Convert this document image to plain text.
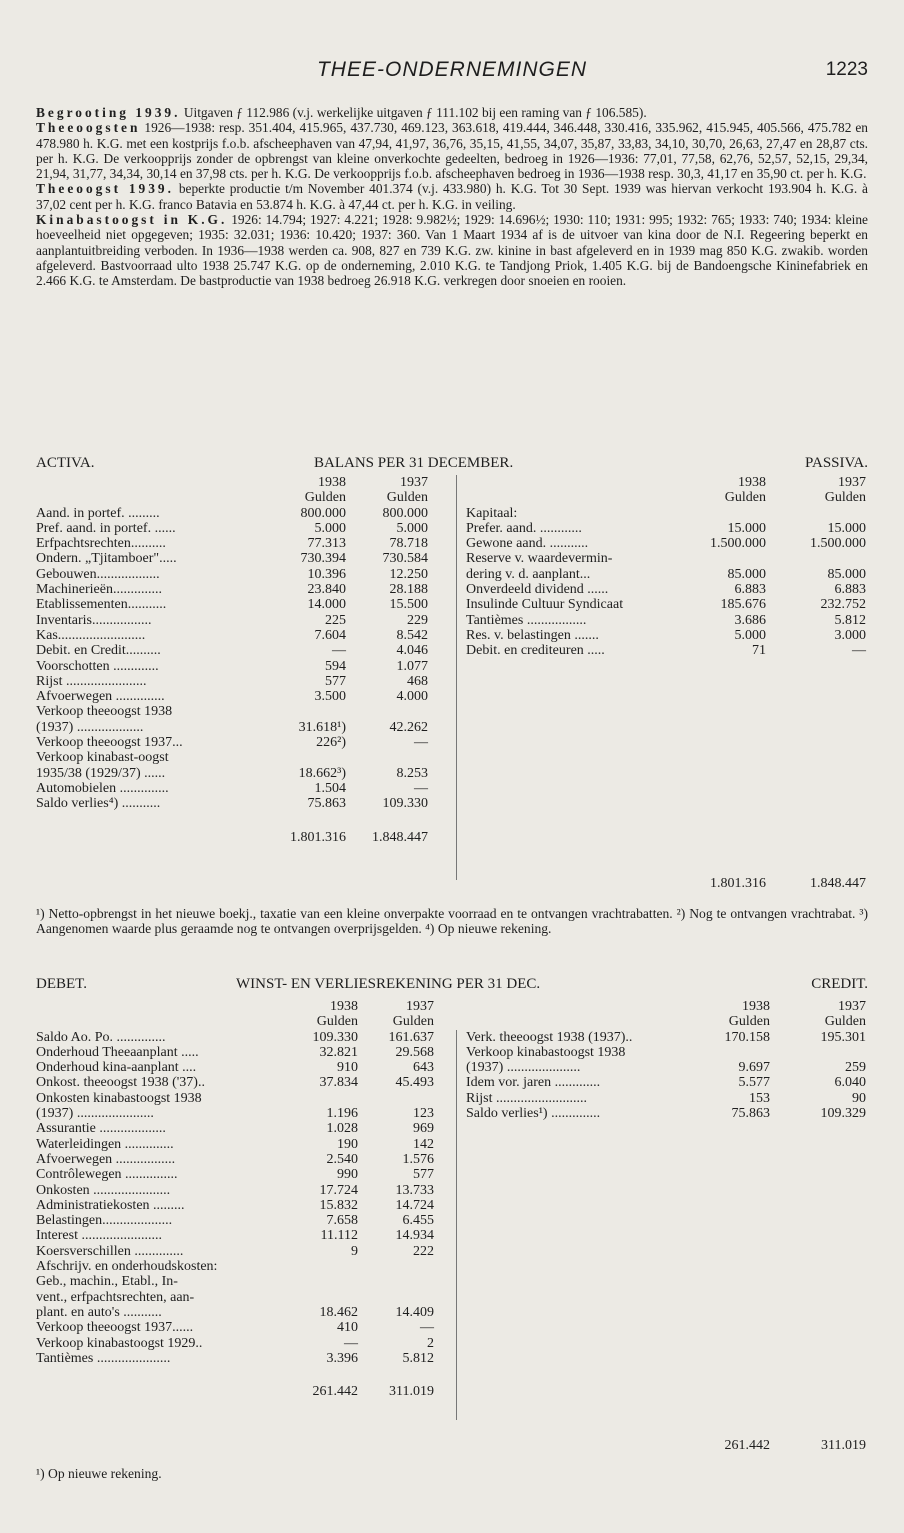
THEE-ONDERNEMINGEN	1223

Begrooting 1939. Uitgaven ƒ 112.986 (v.j. werkelijke uitgaven ƒ 111.102 bij een raming van ƒ 106.585).

Theeoogsten 1926—1938: resp. 351.404, 415.965, 437.730, 469.123, 363.618, 419.444, 346.448, 330.416, 335.962, 415.945, 405.566, 475.782 en 478.980 h. K.G. met een kostprijs f.o.b. afscheephaven van 47,94, 41,97, 36,76, 35,15, 41,55, 34,07, 35,87, 33,83, 34,10, 30,70, 26,63, 27,47 en 28,87 cts. per h. K.G. De verkoopprijs zonder de opbrengst van kleine onverkochte gedeelten, bedroeg in 1926—1936: 77,01, 77,58, 62,76, 52,57, 52,15, 29,34, 21,94, 31,77, 34,34, 30,14 en 37,98 cts. per h. K.G. De verkoopprijs f.o.b. afscheephaven bedroeg in 1936—1938 resp. 30,3, 41,17 en 35,90 ct. per h. K.G.

Theeoogst 1939. beperkte productie t/m November 401.374 (v.j. 433.980) h. K.G. Tot 30 Sept. 1939 was hiervan verkocht 193.904 h. K.G. à 37,02 cent per h. K.G. franco Batavia en 53.874 h. K.G. à 47,44 ct. per h. K.G. in veiling.

Kinabastoogst in K.G. 1926: 14.794; 1927: 4.221; 1928: 9.982½; 1929: 14.696½; 1930: 110; 1931: 995; 1932: 765; 1933: 740; 1934: kleine hoeveelheid niet opgegeven; 1935: 32.031; 1936: 10.420; 1937: 360. Van 1 Maart 1934 af is de uitvoer van kina door de N.I. Regeering beperkt en aanplantuitbreiding verboden. In 1936—1938 werden ca. 908, 827 en 739 K.G. zw. kinine in bast afgeleverd en in 1939 mag 850 K.G. zwakib. worden afgeleverd. Bastvoorraad ulto 1938 25.747 K.G. op de onderneming, 2.010 K.G. te Tandjong Priok, 1.405 K.G. bij de Bandoengsche Kininefabriek en 2.466 K.G. te Amsterdam. De bastproductie van 1938 bedroeg 26.918 K.G. verkregen door snoeien en rooien.

ACTIVA.	BALANS PER 31 DECEMBER.	PASSIVA.
1938	1937
Gulden	Gulden
Aand. in portef. .........	800.000	800.000
Pref. aand. in portef. ......	5.000	5.000
Erfpachtsrechten..........	77.313	78.718
Ondern. „Tjitamboer".....	730.394	730.584
Gebouwen..................	10.396	12.250
Machinerieën..............	23.840	28.188
Etablissementen...........	14.000	15.500
Inventaris.................	225	229
Kas.........................	7.604	8.542
Debit. en Credit..........	—	4.046
Voorschotten .............	594	1.077
Rijst .......................	577	468
Afvoerwegen ..............	3.500	4.000
Verkoop theeoogst 1938
(1937) ...................	31.618¹)	42.262
Verkoop theeoogst 1937...	226²)	—
Verkoop kinabast-oogst
1935/38 (1929/37) ......	18.662³)	8.253
Automobielen ..............	1.504	—
Saldo verlies⁴) ...........	75.863	109.330
1.801.316	1.848.447
1938	1937
Gulden	Gulden
Kapitaal:
Prefer. aand. ............	15.000	15.000
Gewone aand. ...........	1.500.000	1.500.000
Reserve v. waardevermin-
dering v. d. aanplant...	85.000	85.000
Onverdeeld dividend ......	6.883	6.883
Insulinde Cultuur Syndicaat	185.676	232.752
Tantièmes .................	3.686	5.812
Res. v. belastingen .......	5.000	3.000
Debit. en crediteuren .....	71	—
1.801.316	1.848.447
¹) Netto-opbrengst in het nieuwe boekj., taxatie van een kleine onverpakte voorraad en te ontvangen vrachtrabatten. ²) Nog te ontvangen vrachtrabat. ³) Aangenomen waarde plus geraamde nog te ontvangen overprijsgelden. ⁴) Op nieuwe rekening.
DEBET.	WINST- EN VERLIESREKENING PER 31 DEC.	CREDIT.
1938	1937
Gulden	Gulden
Saldo Ao. Po. ..............	109.330	161.637
Onderhoud Theeaanplant .....	32.821	29.568
Onderhoud kina-aanplant ....	910	643
Onkost. theeoogst 1938 ('37)..	37.834	45.493
Onkosten kinabastoogst 1938
(1937) ......................	1.196	123
Assurantie ...................	1.028	969
Waterleidingen ..............	190	142
Afvoerwegen .................	2.540	1.576
Contrôlewegen ...............	990	577
Onkosten ......................	17.724	13.733
Administratiekosten .........	15.832	14.724
Belastingen....................	7.658	6.455
Interest .......................	11.112	14.934
Koersverschillen ..............	9	222
Afschrijv. en onderhoudskosten:
Geb., machin., Etabl., In-
vent., erfpachtsrechten, aan-
plant. en auto's ...........	18.462	14.409
Verkoop theeoogst 1937......	410	—
Verkoop kinabastoogst 1929..	—	2
Tantièmes .....................	3.396	5.812
261.442	311.019
1938	1937
Gulden	Gulden
Verk. theeoogst 1938 (1937)..	170.158	195.301
Verkoop kinabastoogst 1938
(1937) .....................	9.697	259
Idem vor. jaren .............	5.577	6.040
Rijst ..........................	153	90
Saldo verlies¹) ..............	75.863	109.329
261.442	311.019
¹) Op nieuwe rekening.
